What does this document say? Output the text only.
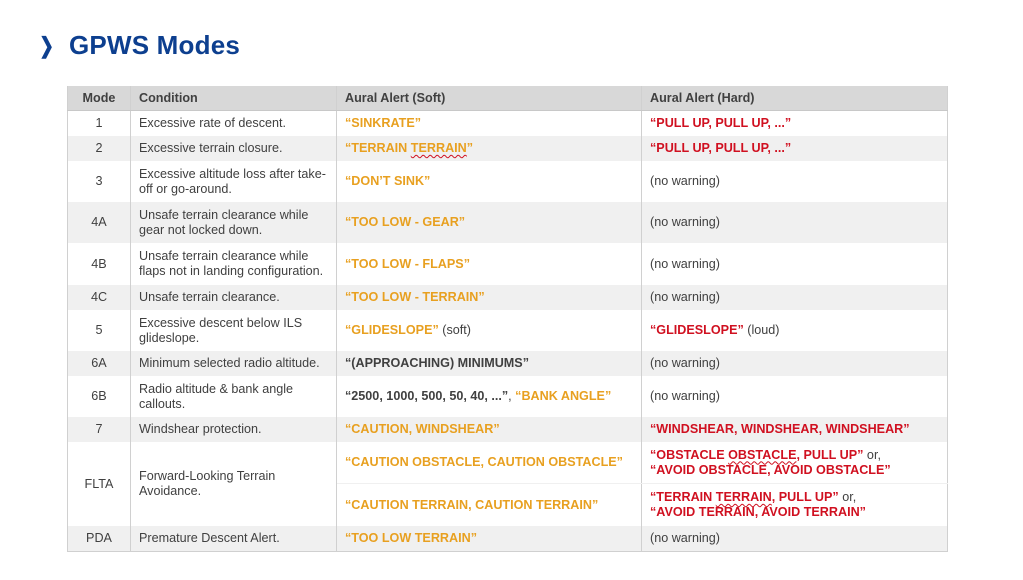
❯ GPWS Modes
Mode	Condition	Aural Alert (Soft)	Aural Alert (Hard)
1	Excessive rate of descent.	“SINKRATE”	“PULL UP, PULL UP, ...”
2	Excessive terrain closure.	“TERRAIN TERRAIN”	“PULL UP, PULL UP, ...”
3	Excessive altitude loss after take-off or go-around.	“DON’T SINK”	(no warning)
4A	Unsafe terrain clearance while gear not locked down.	“TOO LOW - GEAR”	(no warning)
4B	Unsafe terrain clearance while flaps not in landing configuration.	“TOO LOW - FLAPS”	(no warning)
4C	Unsafe terrain clearance.	“TOO LOW - TERRAIN”	(no warning)
5	Excessive descent below ILS glideslope.	“GLIDESLOPE” (soft)	“GLIDESLOPE” (loud)
6A	Minimum selected radio altitude.	“(APPROACHING) MINIMUMS”	(no warning)
6B	Radio altitude & bank angle callouts.	“2500, 1000, 500, 50, 40, ...”, “BANK ANGLE”	(no warning)
7	Windshear protection.	“CAUTION, WINDSHEAR”	“WINDSHEAR, WINDSHEAR, WINDSHEAR”
FLTA	Forward-Looking Terrain Avoidance.	“CAUTION OBSTACLE, CAUTION OBSTACLE”	“OBSTACLE OBSTACLE, PULL UP” or,
“AVOID OBSTACLE, AVOID OBSTACLE”
		“CAUTION TERRAIN, CAUTION TERRAIN”	“TERRAIN TERRAIN, PULL UP” or,
“AVOID TERRAIN, AVOID TERRAIN”
PDA	Premature Descent Alert.	“TOO LOW TERRAIN”	(no warning)
